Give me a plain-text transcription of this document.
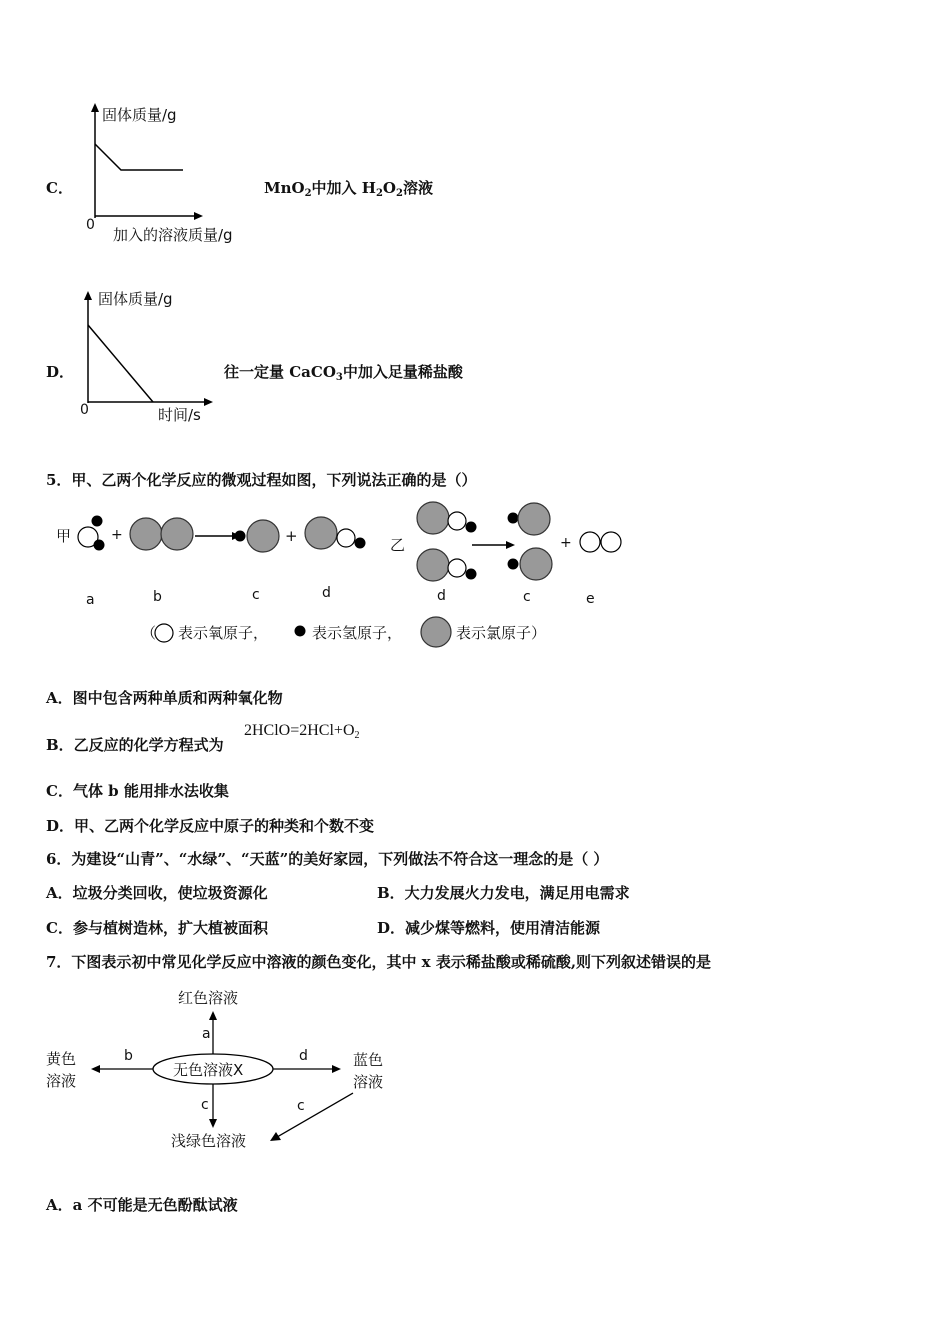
C．
固体质量/g
0
加入的溶液质量/g
MnO$_2$中加入 $H_2O_2$溶液
D．
固体质量/g
0	时间/s
往一定量 CaCO$_3$中加入足量稀盐酸
5．甲、乙两个化学反应的微观过程如图，下列说法正确的是（）
甲	+	+	乙	+
a	b	c	d	d	c	e
（ 表示氧原子，	表示氢原子，	表示氯原子）
A．图中包含两种单质和两种氧化物
B．乙反应的化学方程式为
$2HClO=2HCl+O_2$
C．气体 b 能用排水法收集
D．甲、乙两个化学反应中原子的种类和个数不变
6．为建设“山青”、“水绿”、“天蓝”的美好家园，下列做法不符合这一理念的是（ ）
A．垃圾分类回收，使垃圾资源化	B．大力发展火力发电，满足用电需求
C．参与植树造林，扩大植被面积	D．减少煤等燃料，使用清洁能源
7．下图表示初中常见化学反应中溶液的颜色变化，其中 x 表示稀盐酸或稀硫酸,则下列叙述错误的是
无色溶液X
红色溶液
黄色
溶液
蓝色
溶液
浅绿色溶液
a
b	d
c	c
A．a 不可能是无色酚酞试液
